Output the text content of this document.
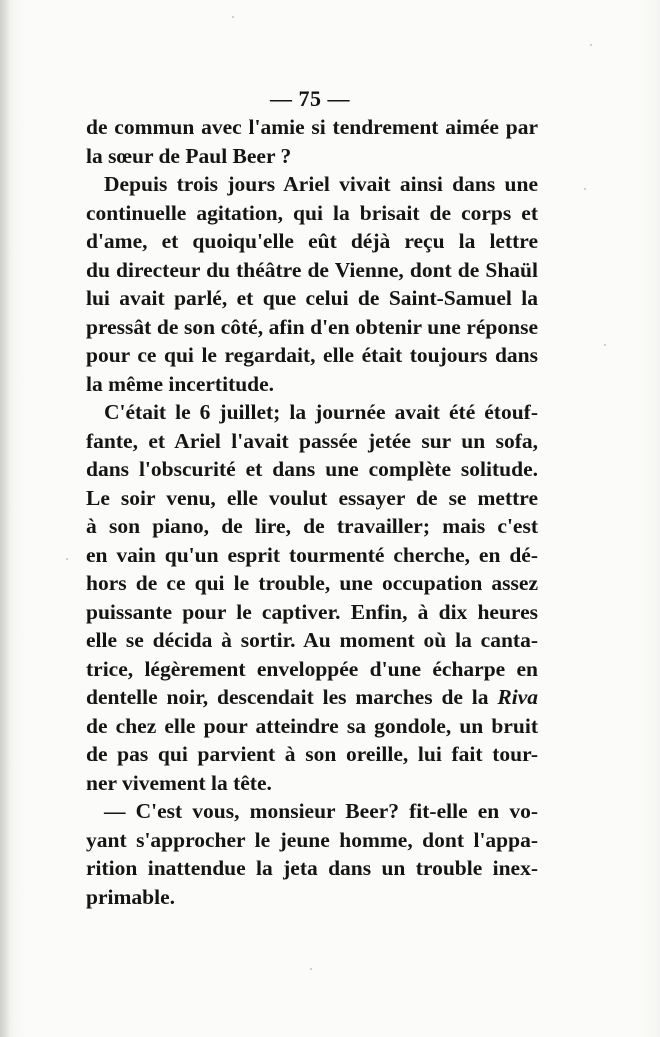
— 75 —
de commun avec l'amie si tendrement aimée par
la sœur de Paul Beer ?
Depuis trois jours Ariel vivait ainsi dans une
continuelle agitation, qui la brisait de corps et
d'ame, et quoiqu'elle eût déjà reçu la lettre
du directeur du théâtre de Vienne, dont de Shaül
lui avait parlé, et que celui de Saint-Samuel la
pressât de son côté, afin d'en obtenir une réponse
pour ce qui le regardait, elle était toujours dans
la même incertitude.
C'était le 6 juillet; la journée avait été étouf-
fante, et Ariel l'avait passée jetée sur un sofa,
dans l'obscurité et dans une complète solitude.
Le soir venu, elle voulut essayer de se mettre
à son piano, de lire, de travailler; mais c'est
en vain qu'un esprit tourmenté cherche, en dé-
hors de ce qui le trouble, une occupation assez
puissante pour le captiver. Enfin, à dix heures
elle se décida à sortir. Au moment où la canta-
trice, légèrement enveloppée d'une écharpe en
dentelle noir, descendait les marches de la Riva
de chez elle pour atteindre sa gondole, un bruit
de pas qui parvient à son oreille, lui fait tour-
ner vivement la tête.
— C'est vous, monsieur Beer? fit-elle en vo-
yant s'approcher le jeune homme, dont l'appa-
rition inattendue la jeta dans un trouble inex-
primable.
